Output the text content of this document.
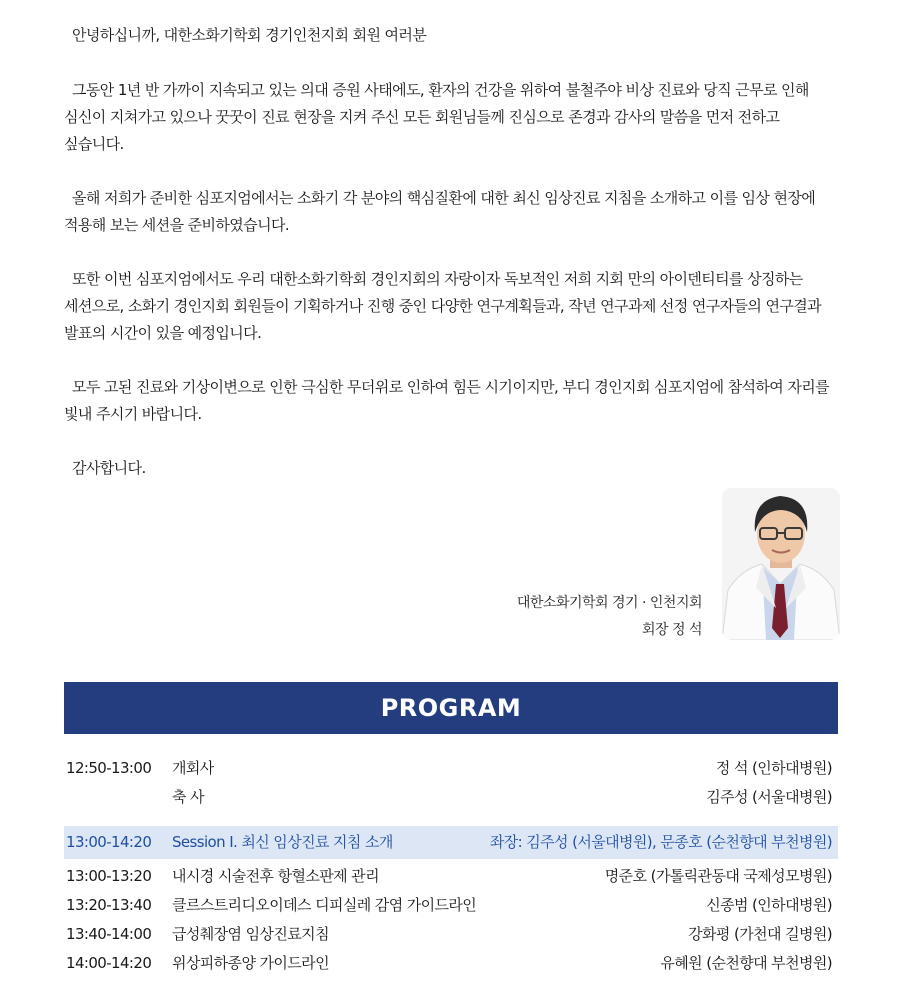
안녕하십니까, 대한소화기학회 경기인천지회 회원 여러분

그동안 1년 반 가까이 지속되고 있는 의대 증원 사태에도, 환자의 건강을 위하여 불철주야 비상 진료와 당직 근무로 인해 심신이 지쳐가고 있으나 꿋꿋이 진료 현장을 지켜 주신 모든 회원님들께 진심으로 존경과 감사의 말씀을 먼저 전하고 싶습니다.

올해 저희가 준비한 심포지엄에서는 소화기 각 분야의 핵심질환에 대한 최신 임상진료 지침을 소개하고 이를 임상 현장에 적용해 보는 세션을 준비하였습니다.

또한 이번 심포지엄에서도 우리 대한소화기학회 경인지회의 자랑이자 독보적인 저희 지회 만의 아이덴티티를 상징하는 세션으로, 소화기 경인지회 회원들이 기획하거나 진행 중인 다양한 연구계획들과, 작년 연구과제 선정 연구자들의 연구결과 발표의 시간이 있을 예정입니다.

모두 고된 진료와 기상이변으로 인한 극심한 무더위로 인하여 힘든 시기이지만, 부디 경인지회 심포지엄에 참석하여 자리를 빛내 주시기 바랍니다.

감사합니다.

대한소화기학회 경기 · 인천지회
회장 정 석
PROGRAM
12:50-13:00 개회사	정 석 (인하대병원)
축 사	김주성 (서울대병원)
13:00-14:20 Session I. 최신 임상진료 지침 소개	좌장: 김주성 (서울대병원), 문종호 (순천향대 부천병원)
13:00-13:20 내시경 시술전후 항혈소판제 관리	명준호 (가톨릭관동대 국제성모병원)
13:20-13:40 클르스트리디오이데스 디피실레 감염 가이드라인	신종범 (인하대병원)
13:40-14:00 급성췌장염 임상진료지침	강화평 (가천대 길병원)
14:00-14:20 위상피하종양 가이드라인	유혜원 (순천향대 부천병원)
